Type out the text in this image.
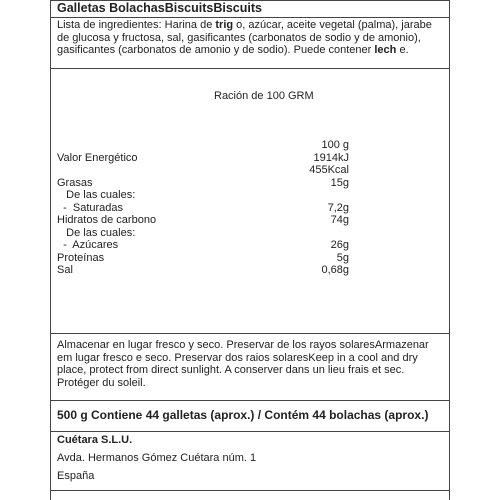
Galletas BolachasBiscuitsBiscuits
Lista de ingredientes: Harina de trig o, azúcar, aceite vegetal (palma), jarabe de glucosa y fructosa, sal, gasificantes (carbonatos de sodio y de amonio), gasificantes (carbonatos de amonio y de sodio). Puede contener lech e.
Ración de 100 GRM
100 g
Valor Energético	1914kJ
455Kcal
Grasas	15g
De las cuales:
-  Saturadas	7,2g
Hidratos de carbono	74g
De las cuales:
-  Azúcares	26g
Proteínas	5g
Sal	0,68g
Almacenar en lugar fresco y seco. Preservar de los rayos solaresArmazenar em lugar fresco e seco. Preservar dos raios solaresKeep in a cool and dry place, protect from direct sunlight. A conserver dans un lieu frais et sec. Protéger du soleil.
500 g Contiene 44 galletas (aprox.) / Contém 44 bolachas (aprox.)
Cuétara S.L.U.
Avda. Hermanos Gómez Cuétara núm. 1
España
